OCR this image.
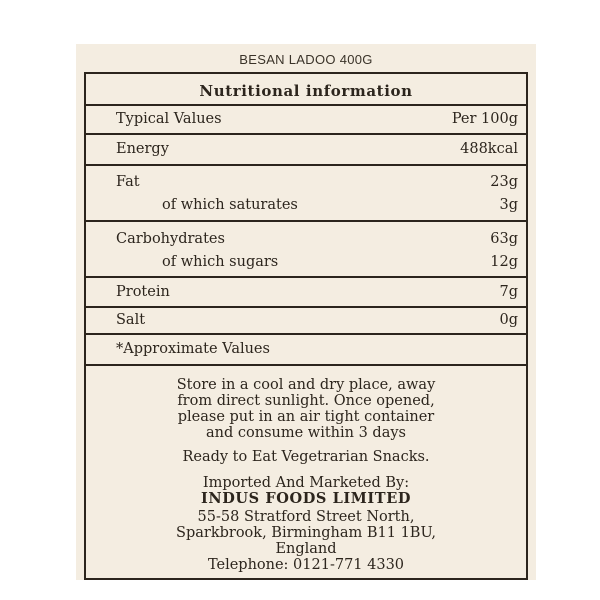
BESAN LADOO 400G
Nutritional information
Typical Values	Per 100g
Energy	488kcal
Fat	23g
of which saturates	3g
Carbohydrates	63g
of which sugars	12g
Protein	7g
Salt	0g
*Approximate Values
Store in a cool and dry place, away
from direct sunlight. Once opened,
please put in an air tight container
and consume within 3 days
Ready to Eat Vegetrarian Snacks.
Imported And Marketed By:
INDUS FOODS LIMITED
55-58 Stratford Street North,
Sparkbrook, Birmingham B11 1BU,
England
Telephone: 0121-771 4330
